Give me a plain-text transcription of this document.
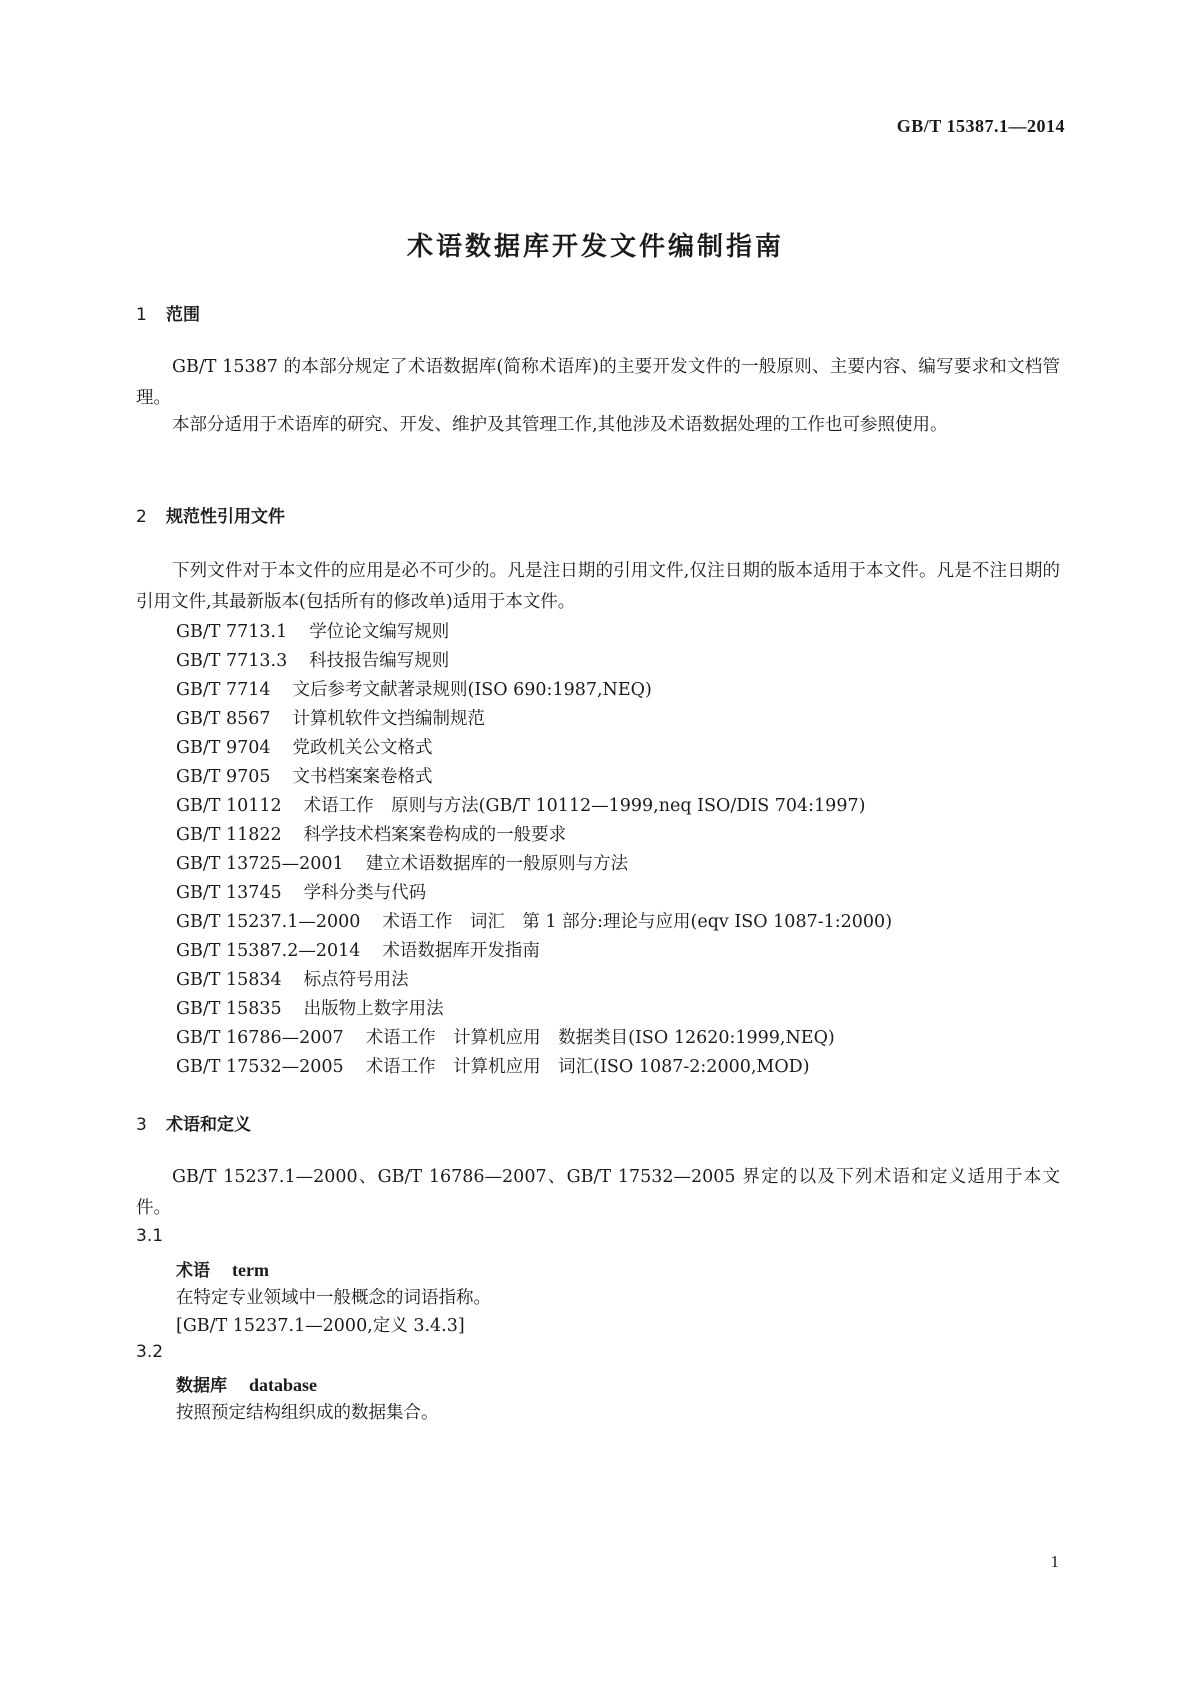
GB/T 15387.1—2014
术语数据库开发文件编制指南
1 范围
GB/T 15387 的本部分规定了术语数据库(简称术语库)的主要开发文件的一般原则、主要内容、编写要求和文档管理。
本部分适用于术语库的研究、开发、维护及其管理工作,其他涉及术语数据处理的工作也可参照使用。
2 规范性引用文件
下列文件对于本文件的应用是必不可少的。凡是注日期的引用文件,仅注日期的版本适用于本文件。凡是不注日期的引用文件,其最新版本(包括所有的修改单)适用于本文件。
GB/T 7713.1 学位论文编写规则
GB/T 7713.3 科技报告编写规则
GB/T 7714 文后参考文献著录规则(ISO 690:1987,NEQ)
GB/T 8567 计算机软件文挡编制规范
GB/T 9704 党政机关公文格式
GB/T 9705 文书档案案卷格式
GB/T 10112 术语工作　原则与方法(GB/T 10112—1999,neq ISO/DIS 704:1997)
GB/T 11822 科学技术档案案卷构成的一般要求
GB/T 13725—2001 建立术语数据库的一般原则与方法
GB/T 13745 学科分类与代码
GB/T 15237.1—2000 术语工作　词汇　第 1 部分:理论与应用(eqv ISO 1087-1:2000)
GB/T 15387.2—2014 术语数据库开发指南
GB/T 15834 标点符号用法
GB/T 15835 出版物上数字用法
GB/T 16786—2007 术语工作　计算机应用　数据类目(ISO 12620:1999,NEQ)
GB/T 17532—2005 术语工作　计算机应用　词汇(ISO 1087-2:2000,MOD)
3 术语和定义
GB/T 15237.1—2000、GB/T 16786—2007、GB/T 17532—2005 界定的以及下列术语和定义适用于本文件。
3.1
术语 term
在特定专业领域中一般概念的词语指称。
[GB/T 15237.1—2000,定义 3.4.3]
3.2
数据库 database
按照预定结构组织成的数据集合。
1
